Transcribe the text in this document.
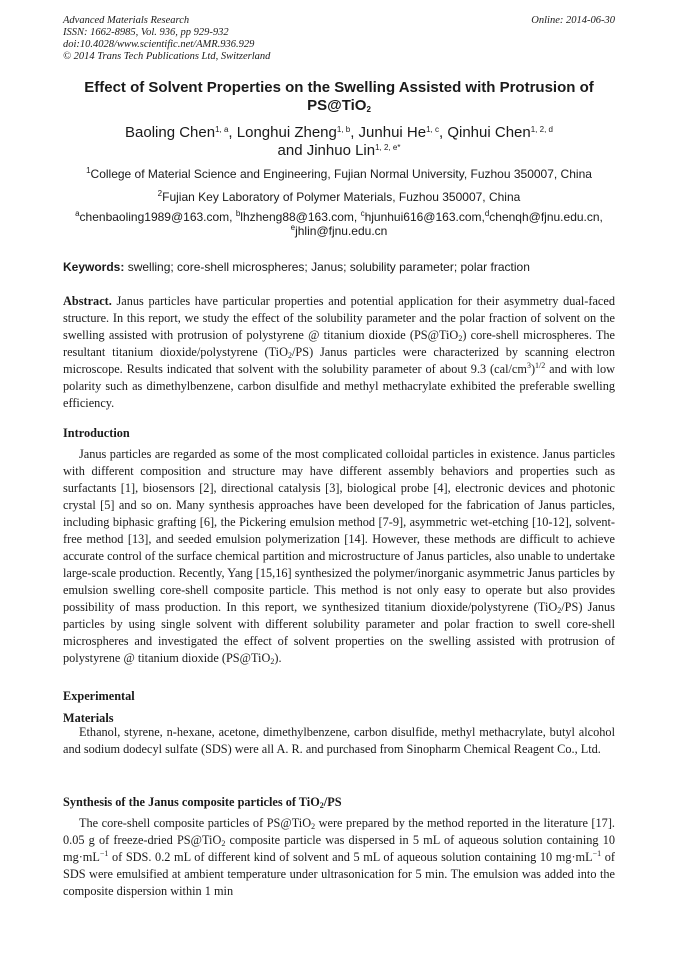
Advanced Materials Research
ISSN: 1662-8985, Vol. 936, pp 929-932
doi:10.4028/www.scientific.net/AMR.936.929
© 2014 Trans Tech Publications Ltd, Switzerland
Online: 2014-06-30
Effect of Solvent Properties on the Swelling Assisted with Protrusion of
PS@TiO$_2$
Baoling Chen$^{1, a}$, Longhui Zheng$^{1, b}$, Junhui He$^{1, c}$, Qinhui Chen$^{1, 2, d}$
and Jinhuo Lin$^{1, 2, e*}$
$^1$College of Material Science and Engineering, Fujian Normal University, Fuzhou 350007, China
$^2$Fujian Key Laboratory of Polymer Materials, Fuzhou 350007, China
$^a$chenbaoling1989@163.com, $^b$lhzheng88@163.com, $^c$hjunhui616@163.com,$^d$chenqh@fjnu.edu.cn,
$^e$jhlin@fjnu.edu.cn
Keywords: swelling; core-shell microspheres; Janus; solubility parameter; polar fraction

Abstract. Janus particles have particular properties and potential application for their asymmetry dual-faced structure. In this report, we study the effect of the solubility parameter and the polar fraction of solvent on the swelling assisted with protrusion of polystyrene @ titanium dioxide (PS@TiO$_2$) core-shell microspheres. The resultant titanium dioxide/polystyrene (TiO$_2$/PS) Janus particles were characterized by scanning electron microscope. Results indicated that solvent with the solubility parameter of about 9.3 $(cal/cm^3)^{1/2}$ and with low polarity such as dimethylbenzene, carbon disulfide and methyl methacrylate exhibited the preferable swelling efficiency.

Introduction

Janus particles are regarded as some of the most complicated colloidal particles in existence. Janus particles with different composition and structure may have different assembly behaviors and properties such as surfactants [1], biosensors [2], directional catalysis [3], biological probe [4], electronic devices and photonic crystal [5] and so on. Many synthesis approaches have been developed for the fabrication of Janus particles, including biphasic grafting [6], the Pickering emulsion method [7-9], asymmetric wet-etching [10-12], solvent-free method [13], and seeded emulsion polymerization [14]. However, these methods are difficult to achieve accurate control of the surface chemical partition and microstructure of Janus particles, also unable to undertake large-scale production. Recently, Yang [15,16] synthesized the polymer/inorganic asymmetric Janus particles by emulsion swelling core-shell composite particle. This method is not only easy to operate but also provides possibility of mass production. In this report, we synthesized titanium dioxide/polystyrene (TiO$_2$/PS) Janus particles by using single solvent with different solubility parameter and polar fraction to swell core-shell microspheres and investigated the effect of solvent properties on the swelling assisted with protrusion of polystyrene @ titanium dioxide (PS@TiO$_2$).

Experimental
Materials

Ethanol, styrene, n-hexane, acetone, dimethylbenzene, carbon disulfide, methyl methacrylate, butyl alcohol and sodium dodecyl sulfate (SDS) were all A. R. and purchased from Sinopharm Chemical Reagent Co., Ltd.

Synthesis of the Janus composite particles of TiO$_2$/PS

The core-shell composite particles of PS@TiO$_2$ were prepared by the method reported in the literature [17]. 0.05 g of freeze-dried PS@TiO$_2$ composite particle was dispersed in 5 mL of aqueous solution containing 10 $mg\cdot mL^{-1}$ of SDS. 0.2 mL of different kind of solvent and 5 mL of aqueous solution containing 10 $mg\cdot mL^{-1}$ of SDS were emulsified at ambient temperature under ultrasonication for 5 min. The emulsion was added into the composite dispersion within 1 min
